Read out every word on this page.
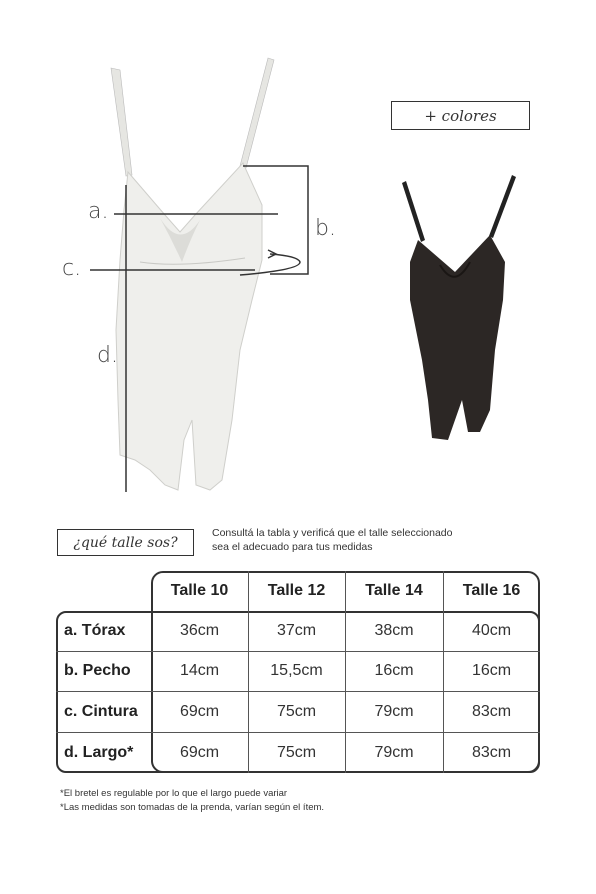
a.
b.
c.
d.
+ colores
¿qué talle sos?
Consultá la tabla y verificá que el talle seleccionado
sea el adecuado para tus medidas
Talle 10	Talle 12	Talle 14	Talle 16
a. Tórax	36cm	37cm	38cm	40cm
b. Pecho	14cm	15,5cm	16cm	16cm
c. Cintura	69cm	75cm	79cm	83cm
d. Largo*	69cm	75cm	79cm	83cm
*El bretel es regulable por lo que el largo puede variar
*Las medidas son tomadas de la prenda, varían según el ítem.
